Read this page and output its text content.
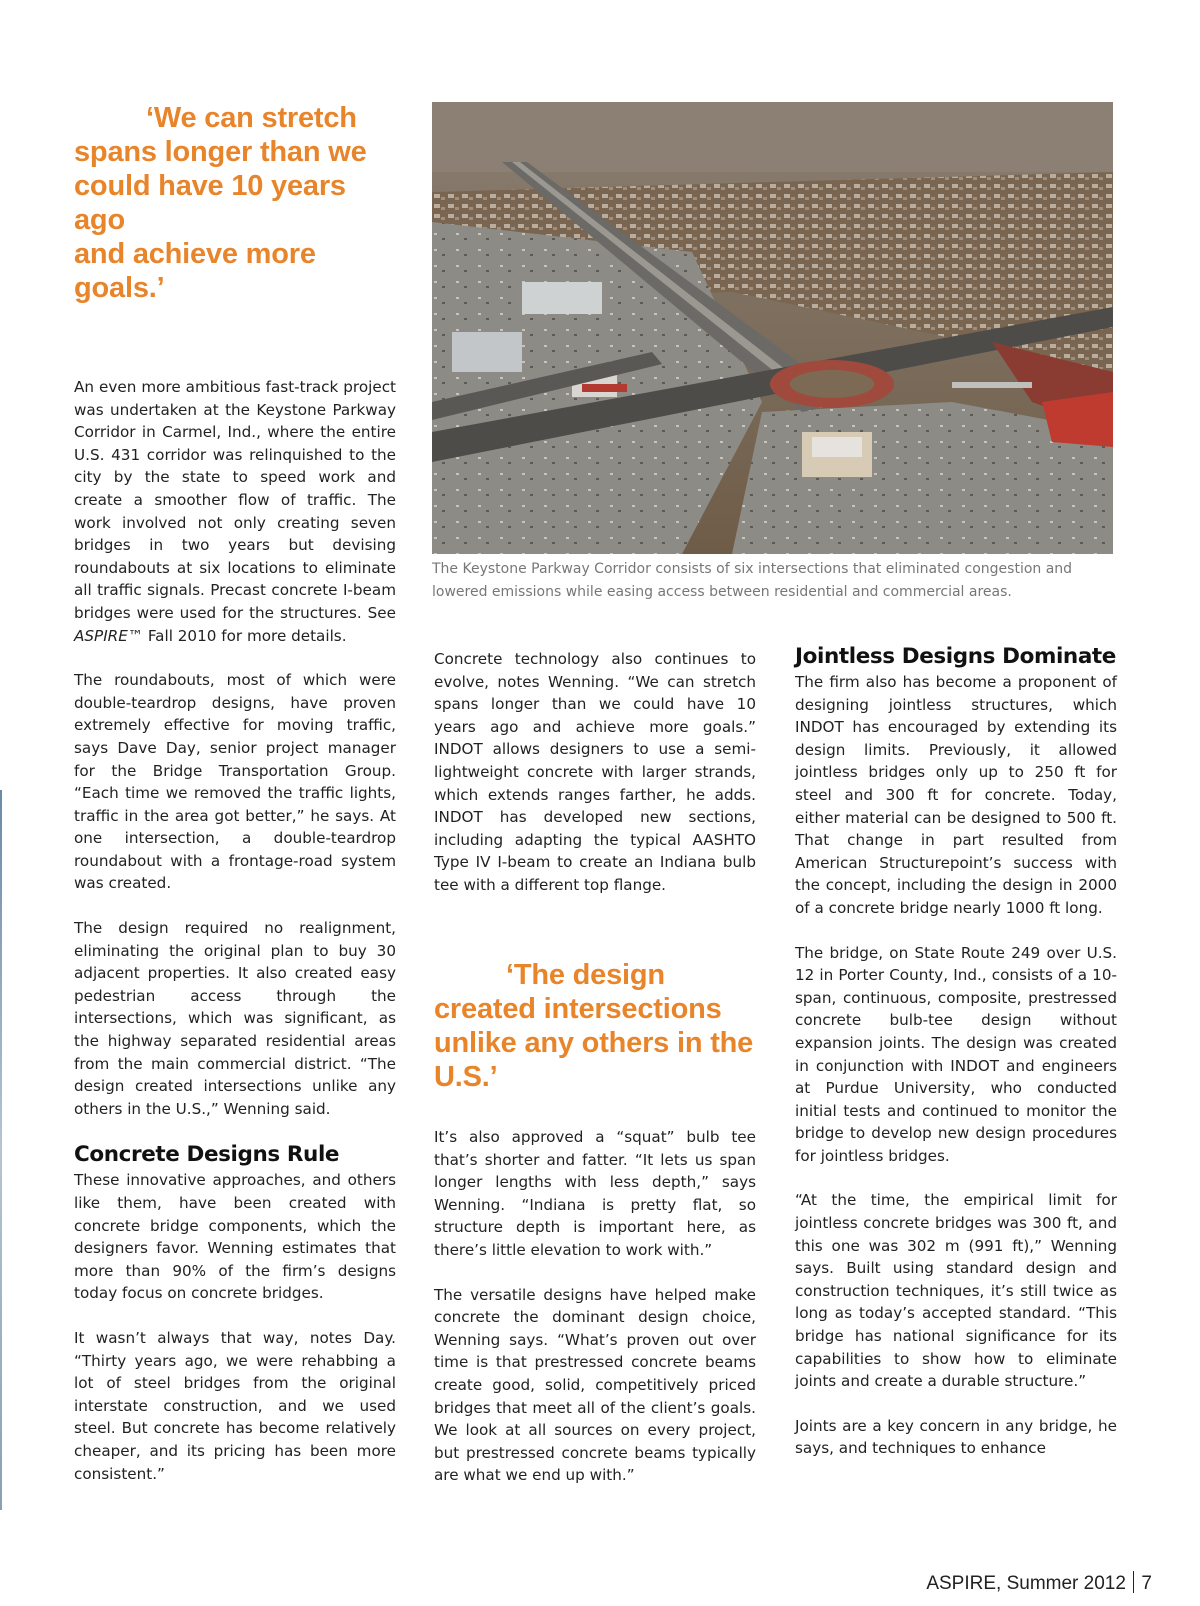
‘We can stretch
spans longer than we
could have 10 years ago
and achieve more goals.’
The Keystone Parkway Corridor consists of six intersections that eliminated congestion and lowered emissions while easing access between residential and commercial areas.

An even more ambitious fast-track project was undertaken at the Keystone Parkway Corridor in Carmel, Ind., where the entire U.S. 431 corridor was relinquished to the city by the state to speed work and create a smoother flow of traffic. The work involved not only creating seven bridges in two years but devising roundabouts at six locations to eliminate all traffic signals. Precast concrete I-beam bridges were used for the structures. See ASPIRE™ Fall 2010 for more details.

The roundabouts, most of which were double-teardrop designs, have proven extremely effective for moving traffic, says Dave Day, senior project manager for the Bridge Transportation Group. “Each time we removed the traffic lights, traffic in the area got better,” he says. At one intersection, a double-teardrop roundabout with a frontage-road system was created.

The design required no realignment, eliminating the original plan to buy 30 adjacent properties. It also created easy pedestrian access through the intersections, which was significant, as the highway separated residential areas from the main commercial district. “The design created intersections unlike any others in the U.S.,” Wenning said.

Concrete Designs Rule

These innovative approaches, and others like them, have been created with concrete bridge components, which the designers favor. Wenning estimates that more than 90% of the firm’s designs today focus on concrete bridges.

It wasn’t always that way, notes Day. “Thirty years ago, we were rehabbing a lot of steel bridges from the original interstate construction, and we used steel. But concrete has become relatively cheaper, and its pricing has been more consistent.”

Concrete technology also continues to evolve, notes Wenning. “We can stretch spans longer than we could have 10 years ago and achieve more goals.” INDOT allows designers to use a semi-lightweight concrete with larger strands, which extends ranges farther, he adds. INDOT has developed new sections, including adapting the typical AASHTO Type IV I-beam to create an Indiana bulb tee with a different top flange.

‘The design
created intersections
unlike any others in the
U.S.’

It’s also approved a “squat” bulb tee that’s shorter and fatter. “It lets us span longer lengths with less depth,” says Wenning. “Indiana is pretty flat, so structure depth is important here, as there’s little elevation to work with.”

The versatile designs have helped make concrete the dominant design choice, Wenning says. “What’s proven out over time is that prestressed concrete beams create good, solid, competitively priced bridges that meet all of the client’s goals. We look at all sources on every project, but prestressed concrete beams typically are what we end up with.”

Jointless Designs Dominate

The firm also has become a proponent of designing jointless structures, which INDOT has encouraged by extending its design limits. Previously, it allowed jointless bridges only up to 250 ft for steel and 300 ft for concrete. Today, either material can be designed to 500 ft. That change in part resulted from American Structurepoint’s success with the concept, including the design in 2000 of a concrete bridge nearly 1000 ft long.

The bridge, on State Route 249 over U.S. 12 in Porter County, Ind., consists of a 10-span, continuous, composite, prestressed concrete bulb-tee design without expansion joints. The design was created in conjunction with INDOT and engineers at Purdue University, who conducted initial tests and continued to monitor the bridge to develop new design procedures for jointless bridges.

“At the time, the empirical limit for jointless concrete bridges was 300 ft, and this one was 302 m (991 ft),” Wenning says. Built using standard design and construction techniques, it’s still twice as long as today’s accepted standard. “This bridge has national significance for its capabilities to show how to eliminate joints and create a durable structure.”

Joints are a key concern in any bridge, he says, and techniques to enhance

ASPIRE, Summer 2012 7
